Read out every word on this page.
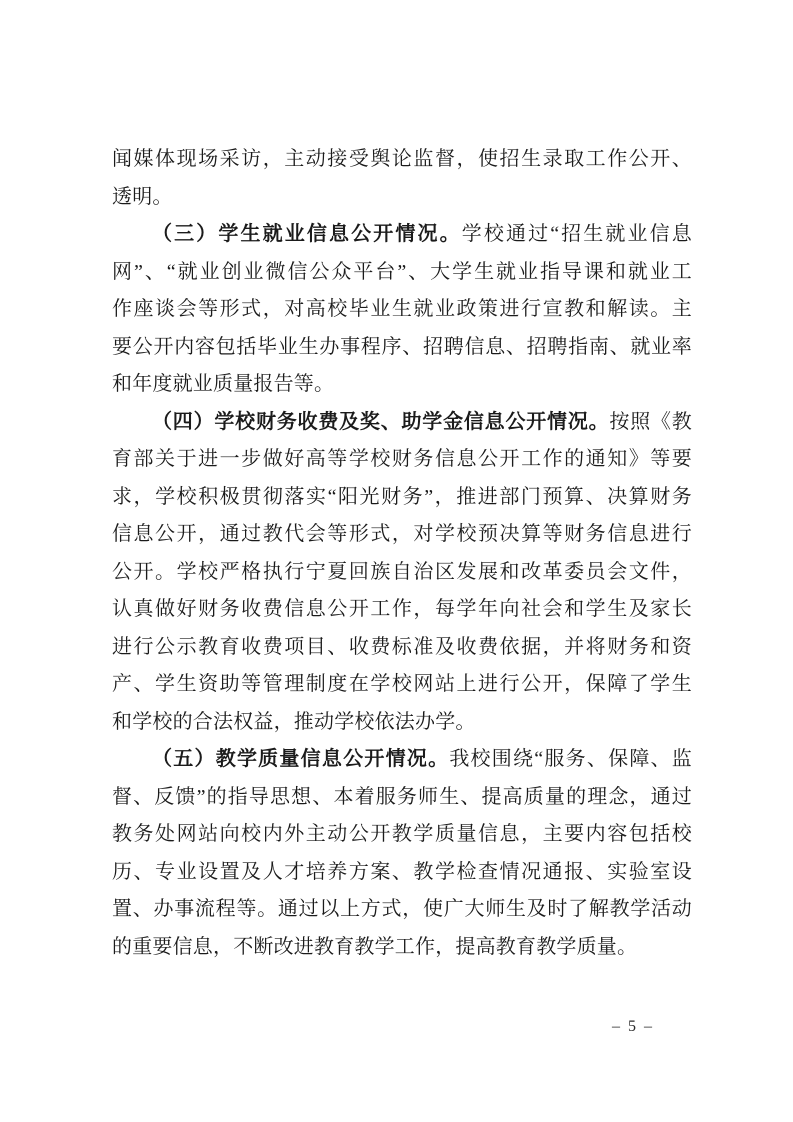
闻媒体现场采访，主动接受舆论监督，使招生录取工作公开、
透明。
（三）学生就业信息公开情况。学校通过“招生就业信息
网”、“就业创业微信公众平台”、大学生就业指导课和就业工
作座谈会等形式，对高校毕业生就业政策进行宣教和解读。主
要公开内容包括毕业生办事程序、招聘信息、招聘指南、就业率
和年度就业质量报告等。
（四）学校财务收费及奖、助学金信息公开情况。按照《教
育部关于进一步做好高等学校财务信息公开工作的通知》等要
求，学校积极贯彻落实“阳光财务”，推进部门预算、决算财务
信息公开，通过教代会等形式，对学校预决算等财务信息进行
公开。学校严格执行宁夏回族自治区发展和改革委员会文件，
认真做好财务收费信息公开工作，每学年向社会和学生及家长
进行公示教育收费项目、收费标准及收费依据，并将财务和资
产、学生资助等管理制度在学校网站上进行公开，保障了学生
和学校的合法权益，推动学校依法办学。
（五）教学质量信息公开情况。我校围绕“服务、保障、监
督、反馈”的指导思想、本着服务师生、提高质量的理念，通过
教务处网站向校内外主动公开教学质量信息，主要内容包括校
历、专业设置及人才培养方案、教学检查情况通报、实验室设
置、办事流程等。通过以上方式，使广大师生及时了解教学活动
的重要信息，不断改进教育教学工作，提高教育教学质量。
– 5 –
